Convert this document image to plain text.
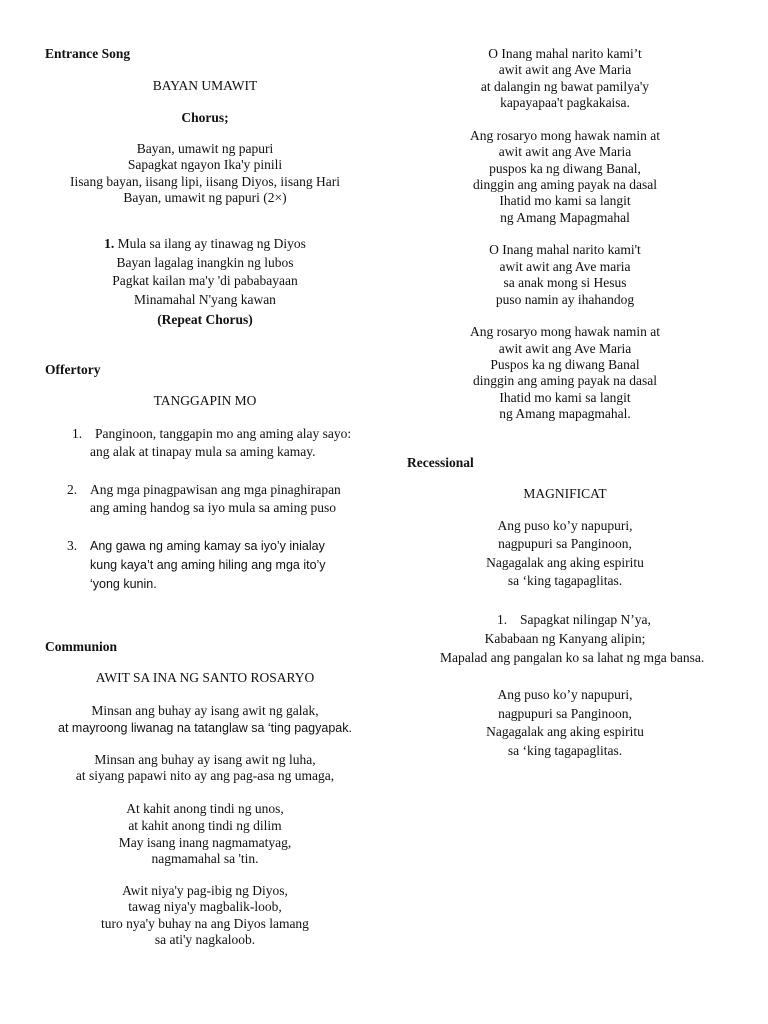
Entrance Song
BAYAN UMAWIT
Chorus;
Bayan, umawit ng papuri
Sapagkat ngayon Ika'y pinili
Iisang bayan, iisang lipi, iisang Diyos, iisang Hari
Bayan, umawit ng papuri (2×)
1. Mula sa ilang ay tinawag ng Diyos
Bayan lagalag inangkin ng lubos
Pagkat kailan ma'y 'di pababayaan
Minamahal N'yang kawan
(Repeat Chorus)
Offertory
TANGGAPIN MO
1. Panginoon, tanggapin mo ang aming alay sayo:
ang alak at tinapay mula sa aming kamay.
2. Ang mga pinagpawisan ang mga pinaghirapan
ang aming handog sa iyo mula sa aming puso
3. Ang gawa ng aming kamay sa iyo’y inialay
kung kaya’t ang aming hiling ang mga ito’y
‘yong kunin.
Communion
AWIT SA INA NG SANTO ROSARYO
Minsan ang buhay ay isang awit ng galak,
at mayroong liwanag na tatanglaw sa ‘ting pagyapak.
Minsan ang buhay ay isang awit ng luha,
at siyang papawi nito ay ang pag-asa ng umaga,
At kahit anong tindi ng unos,
at kahit anong tindi ng dilim
May isang inang nagmamatyag,
nagmamahal sa 'tin.
Awit niya'y pag-ibig ng Diyos,
tawag niya'y magbalik-loob,
turo nya'y buhay na ang Diyos lamang
sa ati'y nagkaloob.
O Inang mahal narito kami’t
awit awit ang Ave Maria
at dalangin ng bawat pamilya'y
kapayapaa't pagkakaisa.
Ang rosaryo mong hawak namin at
awit awit ang Ave Maria
puspos ka ng diwang Banal,
dinggin ang aming payak na dasal
Ihatid mo kami sa langit
ng Amang Mapagmahal
O Inang mahal narito kami't
awit awit ang Ave maria
sa anak mong si Hesus
puso namin ay ihahandog
Ang rosaryo mong hawak namin at
awit awit ang Ave Maria
Puspos ka ng diwang Banal
dinggin ang aming payak na dasal
Ihatid mo kami sa langit
ng Amang mapagmahal.
Recessional
MAGNIFICAT
Ang puso ko’y napupuri,
nagpupuri sa Panginoon,
Nagagalak ang aking espiritu
sa ‘king tagapaglitas.
1. Sapagkat nilingap N’ya,
Kababaan ng Kanyang alipin;
Mapalad ang pangalan ko sa lahat ng mga bansa.
Ang puso ko’y napupuri,
nagpupuri sa Panginoon,
Nagagalak ang aking espiritu
sa ‘king tagapaglitas.
